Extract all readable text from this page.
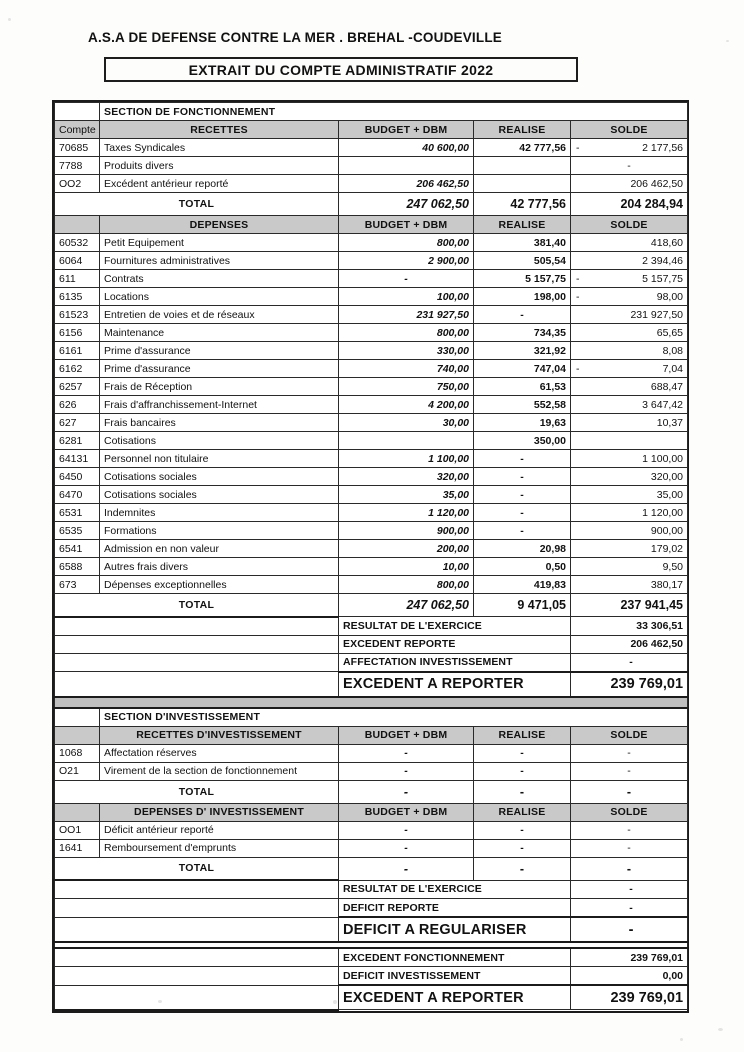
A.S.A DE DEFENSE CONTRE LA MER . BREHAL -COUDEVILLE
EXTRAIT DU COMPTE ADMINISTRATIF 2022
	SECTION DE FONCTIONNEMENT			
Compte	RECETTES	BUDGET + DBM	REALISE	SOLDE
70685	Taxes Syndicales	40 600,00	42 777,56	- 2 177,56

7788	Produits divers			-
OO2	Excédent antérieur reporté	206 462,50		206 462,50
TOTAL		247 062,50	42 777,56	204 284,94
	DEPENSES	BUDGET + DBM	REALISE	SOLDE
60532	Petit Equipement	800,00	381,40	418,60
6064	Fournitures administratives	2 900,00	505,54	2 394,46
611	Contrats	-	5 157,75	- 5 157,75

6135	Locations	100,00	198,00	- 98,00

61523	Entretien de voies et de réseaux	231 927,50	-	231 927,50
6156	Maintenance	800,00	734,35	65,65
6161	Prime d'assurance	330,00	321,92	8,08
6162	Prime d'assurance	740,00	747,04	- 7,04

6257	Frais de Réception	750,00	61,53	688,47
626	Frais d'affranchissement-Internet	4 200,00	552,58	3 647,42
627	Frais bancaires	30,00	19,63	10,37
6281	Cotisations		350,00	
64131	Personnel non titulaire	1 100,00	-	1 100,00
6450	Cotisations sociales	320,00	-	320,00
6470	Cotisations sociales	35,00	-	35,00
6531	Indemnites	1 120,00	-	1 120,00
6535	Formations	900,00	-	900,00
6541	Admission en non valeur	200,00	20,98	179,02
6588	Autres frais divers	10,00	0,50	9,50
673	Dépenses exceptionnelles	800,00	419,83	380,17
TOTAL		247 062,50	9 471,05	237 941,45
		RESULTAT DE L'EXERCICE		33 306,51
		EXCEDENT REPORTE		206 462,50
		AFFECTATION INVESTISSEMENT		-
		EXCEDENT A REPORTER		239 769,01

	SECTION D'INVESTISSEMENT			
	RECETTES D'INVESTISSEMENT	BUDGET + DBM	REALISE	SOLDE
1068	Affectation réserves	-	-	-
O21	Virement de la section de fonctionnement	-	-	-
TOTAL		-	-	-
	DEPENSES D' INVESTISSEMENT	BUDGET + DBM	REALISE	SOLDE
OO1	Déficit antérieur reporté	-	-	-
1641	Remboursement d'emprunts	-	-	-
TOTAL		-	-	-
		RESULTAT DE L'EXERCICE		-
		DEFICIT REPORTE		-
		DEFICIT A REGULARISER		-

		EXCEDENT FONCTIONNEMENT		239 769,01
		DEFICIT INVESTISSEMENT		0,00
		EXCEDENT A REPORTER		239 769,01
